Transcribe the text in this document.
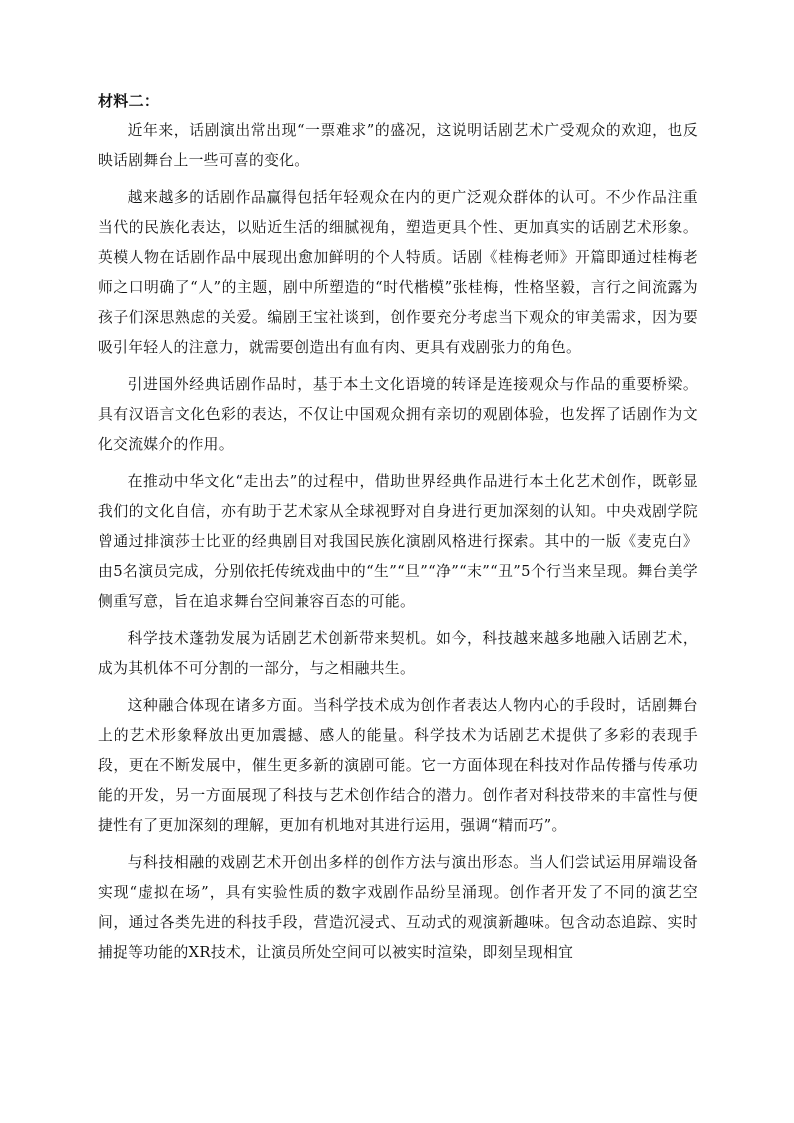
材料二：

近年来，话剧演出常出现“一票难求”的盛况，这说明话剧艺术广受观众的欢迎，也反映话剧舞台上一些可喜的变化。

越来越多的话剧作品赢得包括年轻观众在内的更广泛观众群体的认可。不少作品注重当代的民族化表达，以贴近生活的细腻视角，塑造更具个性、更加真实的话剧艺术形象。英模人物在话剧作品中展现出愈加鲜明的个人特质。话剧《桂梅老师》开篇即通过桂梅老师之口明确了“人”的主题，剧中所塑造的“时代楷模”张桂梅，性格坚毅，言行之间流露为孩子们深思熟虑的关爱。编剧王宝社谈到，创作要充分考虑当下观众的审美需求，因为要吸引年轻人的注意力，就需要创造出有血有肉、更具有戏剧张力的角色。

引进国外经典话剧作品时，基于本土文化语境的转译是连接观众与作品的重要桥梁。具有汉语言文化色彩的表达，不仅让中国观众拥有亲切的观剧体验，也发挥了话剧作为文化交流媒介的作用。

在推动中华文化“走出去”的过程中，借助世界经典作品进行本土化艺术创作，既彰显我们的文化自信，亦有助于艺术家从全球视野对自身进行更加深刻的认知。中央戏剧学院曾通过排演莎士比亚的经典剧目对我国民族化演剧风格进行探索。其中的一版《麦克白》由5名演员完成，分别依托传统戏曲中的“生”“旦”“净”“末”“丑”5个行当来呈现。舞台美学侧重写意，旨在追求舞台空间兼容百态的可能。

科学技术蓬勃发展为话剧艺术创新带来契机。如今，科技越来越多地融入话剧艺术，成为其机体不可分割的一部分，与之相融共生。

这种融合体现在诸多方面。当科学技术成为创作者表达人物内心的手段时，话剧舞台上的艺术形象释放出更加震撼、感人的能量。科学技术为话剧艺术提供了多彩的表现手段，更在不断发展中，催生更多新的演剧可能。它一方面体现在科技对作品传播与传承功能的开发，另一方面展现了科技与艺术创作结合的潜力。创作者对科技带来的丰富性与便捷性有了更加深刻的理解，更加有机地对其进行运用，强调“精而巧”。

与科技相融的戏剧艺术开创出多样的创作方法与演出形态。当人们尝试运用屏端设备实现“虚拟在场”，具有实验性质的数字戏剧作品纷呈涌现。创作者开发了不同的演艺空间，通过各类先进的科技手段，营造沉浸式、互动式的观演新趣味。包含动态追踪、实时捕捉等功能的XR技术，让演员所处空间可以被实时渲染，即刻呈现相宜
